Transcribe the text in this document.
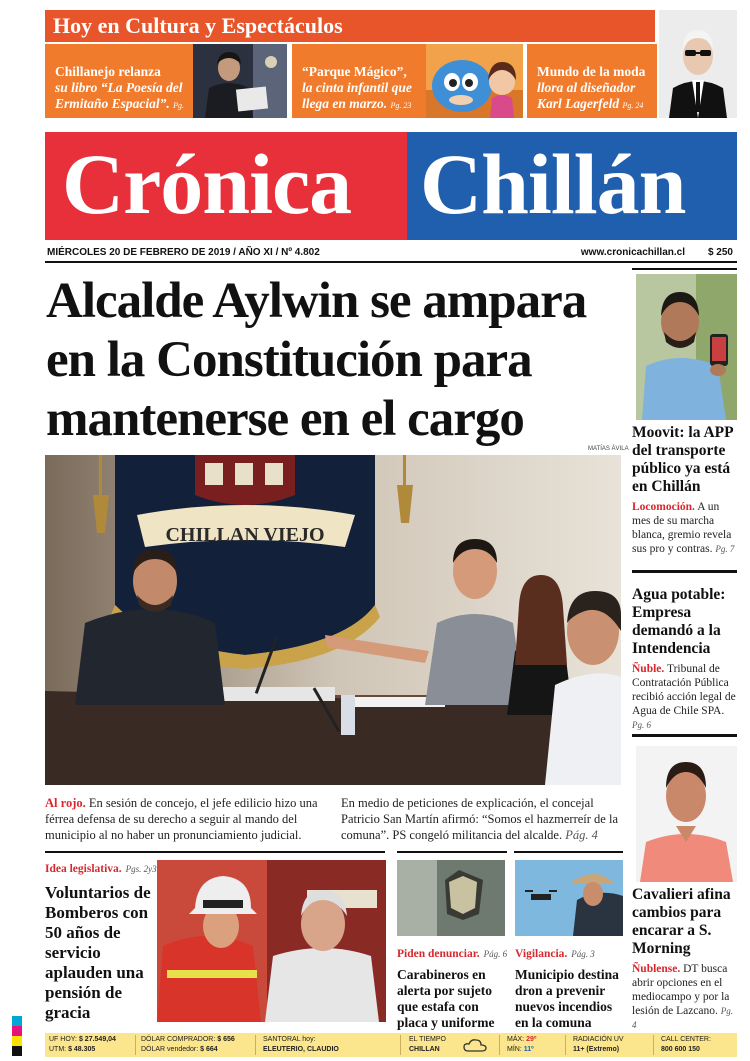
Hoy en Cultura y Espectáculos
Chillanejo relanza
su libro “La Poesía del Ermitaño Espacial”. Pg. 21
“Parque Mágico”,
la cinta infantil que llega en marzo. Pg. 23
Mundo de la moda
llora al diseñador Karl Lagerfeld Pg. 24
Crónica Chillán
MIÉRCOLES 20 DE FEBRERO DE 2019 / AÑO XI / Nº 4.802	www.cronicachillan.cl $ 250
Alcalde Aylwin se ampara en la Constitución para mantenerse en el cargo
MATÍAS ÁVILA
CHILLAN VIEJO
Al rojo. En sesión de concejo, el jefe edilicio hizo una férrea defensa de su derecho a seguir al mando del municipio al no haber un pronunciamiento judicial.
En medio de peticiones de explicación, el concejal Patricio San Martín afirmó: “Somos el hazmerreír de la comuna”. PS congeló militancia del alcalde. Pág. 4
Moovit: la APP del transporte público ya está en Chillán
Locomoción. A un mes de su marcha blanca, gremio revela sus pro y contras. Pg. 7
Agua potable: Empresa demandó a la Intendencia
Ñuble. Tribunal de Contratación Pública recibió acción legal de Agua de Chile SPA. Pg. 6
Cavalieri afina cambios para encarar a S. Morning
Ñublense. DT busca abrir opciones en el mediocampo y por la lesión de Lazcano. Pg. 4
Idea legislativa. Pgs. 2y3
Voluntarios de Bomberos con 50 años de servicio aplauden una pensión de gracia
Piden denunciar. Pág. 6
Carabineros en alerta por sujeto que estafa con placa y uniforme
Vigilancia. Pág. 3
Municipio destina dron a prevenir nuevos incendios en la comuna
UF HOY: $ 27.549,04
UTM: $ 48.305
DÓLAR COMPRADOR: $ 656
DÓLAR vendedor: $ 664
SANTORAL hoy:
ELEUTERIO, CLAUDIO
EL TIEMPO
CHILLAN
MÁX: 29º
MÍN: 11º
RADIACIÓN UV
11+ (Extremo)
CALL CENTER:
800 600 150
